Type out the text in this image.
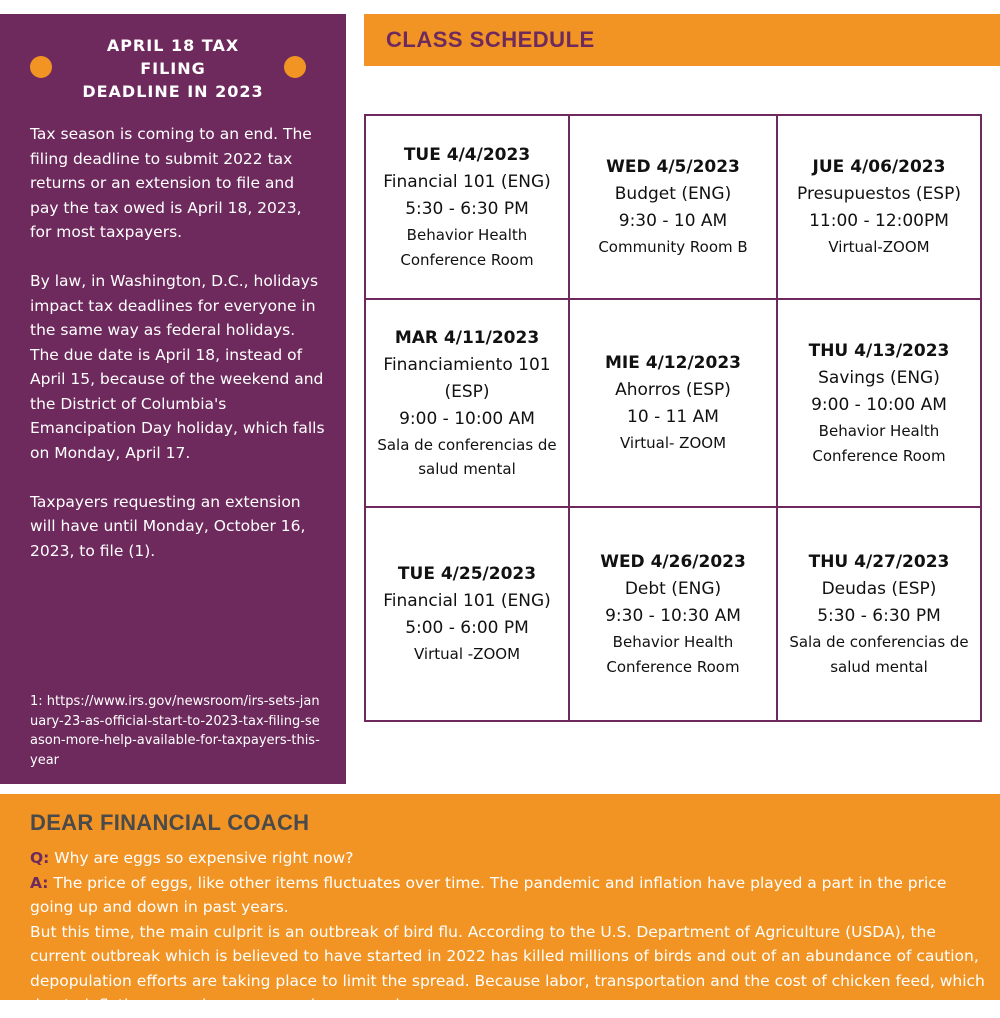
APRIL 18 TAX
FILING
DEADLINE IN 2023

Tax season is coming to an end. The filing deadline to submit 2022 tax returns or an extension to file and pay the tax owed is April 18, 2023, for most taxpayers.

By law, in Washington, D.C., holidays impact tax deadlines for everyone in the same way as federal holidays.

The due date is April 18, instead of April 15, because of the weekend and the District of Columbia's Emancipation Day holiday, which falls on Monday, April 17.

Taxpayers requesting an extension will have until Monday, October 16, 2023, to file (1).

1: https://www.irs.gov/newsroom/irs-sets-january-23-as-official-start-to-2023-tax-filing-season-more-help-available-for-taxpayers-this-year

CLASS SCHEDULE
TUE 4/4/2023
Financial 101 (ENG)
5:30 - 6:30 PM
Behavior Health Conference Room
WED 4/5/2023
Budget (ENG)
9:30 - 10 AM
Community Room B
JUE 4/06/2023
Presupuestos (ESP)
11:00 - 12:00PM
Virtual-ZOOM
MAR 4/11/2023
Financiamiento 101 (ESP)
9:00 - 10:00 AM
Sala de conferencias de salud mental
MIE 4/12/2023
Ahorros (ESP)
10 - 11 AM
Virtual- ZOOM
THU 4/13/2023
Savings (ENG)
9:00 - 10:00 AM
Behavior Health Conference Room
TUE 4/25/2023
Financial 101 (ENG)
5:00 - 6:00 PM
Virtual -ZOOM
WED 4/26/2023
Debt (ENG)
9:30 - 10:30 AM
Behavior Health Conference Room
THU 4/27/2023
Deudas (ESP)
5:30 - 6:30 PM
Sala de conferencias de salud mental
DEAR FINANCIAL COACH

Q: Why are eggs so expensive right now?

A: The price of eggs, like other items fluctuates over time. The pandemic and inflation have played a part in the price going up and down in past years.

But this time, the main culprit is an outbreak of bird flu. According to the U.S. Department of Agriculture (USDA), the current outbreak which is believed to have started in 2022 has killed millions of birds and out of an abundance of caution, depopulation efforts are taking place to limit the spread. Because labor, transportation and the cost of chicken feed, which due to inflation are going up, egg prices are going up.
